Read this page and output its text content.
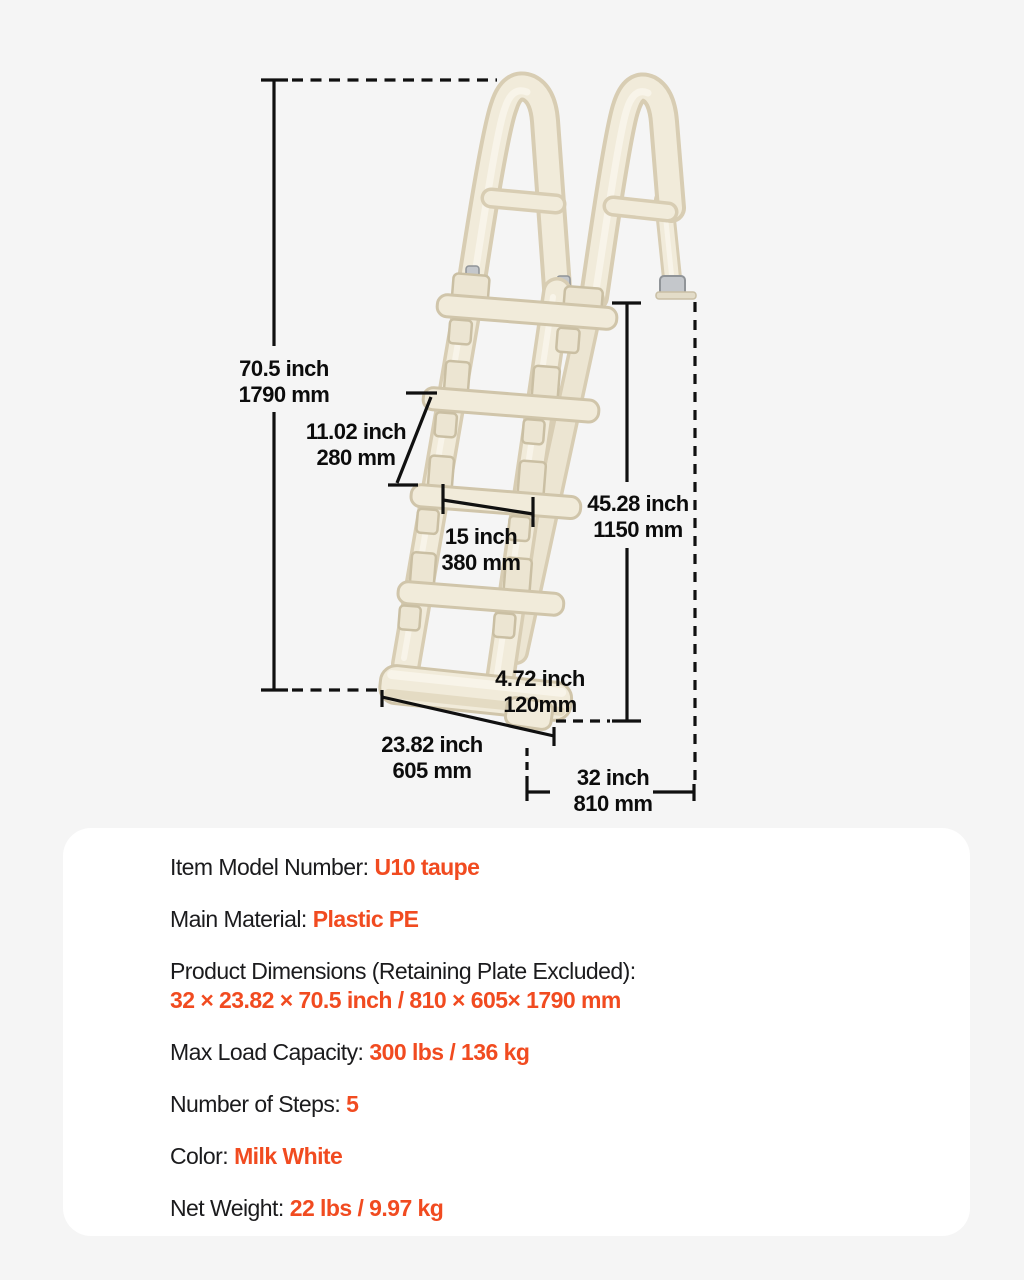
70.5 inch
1790 mm
11.02 inch
280 mm
15 inch
380 mm
45.28 inch
1150 mm
4.72 inch
120mm
23.82 inch
605 mm	32 inch
810 mm

Item Model Number: U10 taupe

Main Material: Plastic PE

Product Dimensions (Retaining Plate Excluded):
32 × 23.82 × 70.5 inch / 810 × 605× 1790 mm

Max Load Capacity: 300 lbs / 136 kg

Number of Steps: 5

Color: Milk White

Net Weight: 22 lbs / 9.97 kg
